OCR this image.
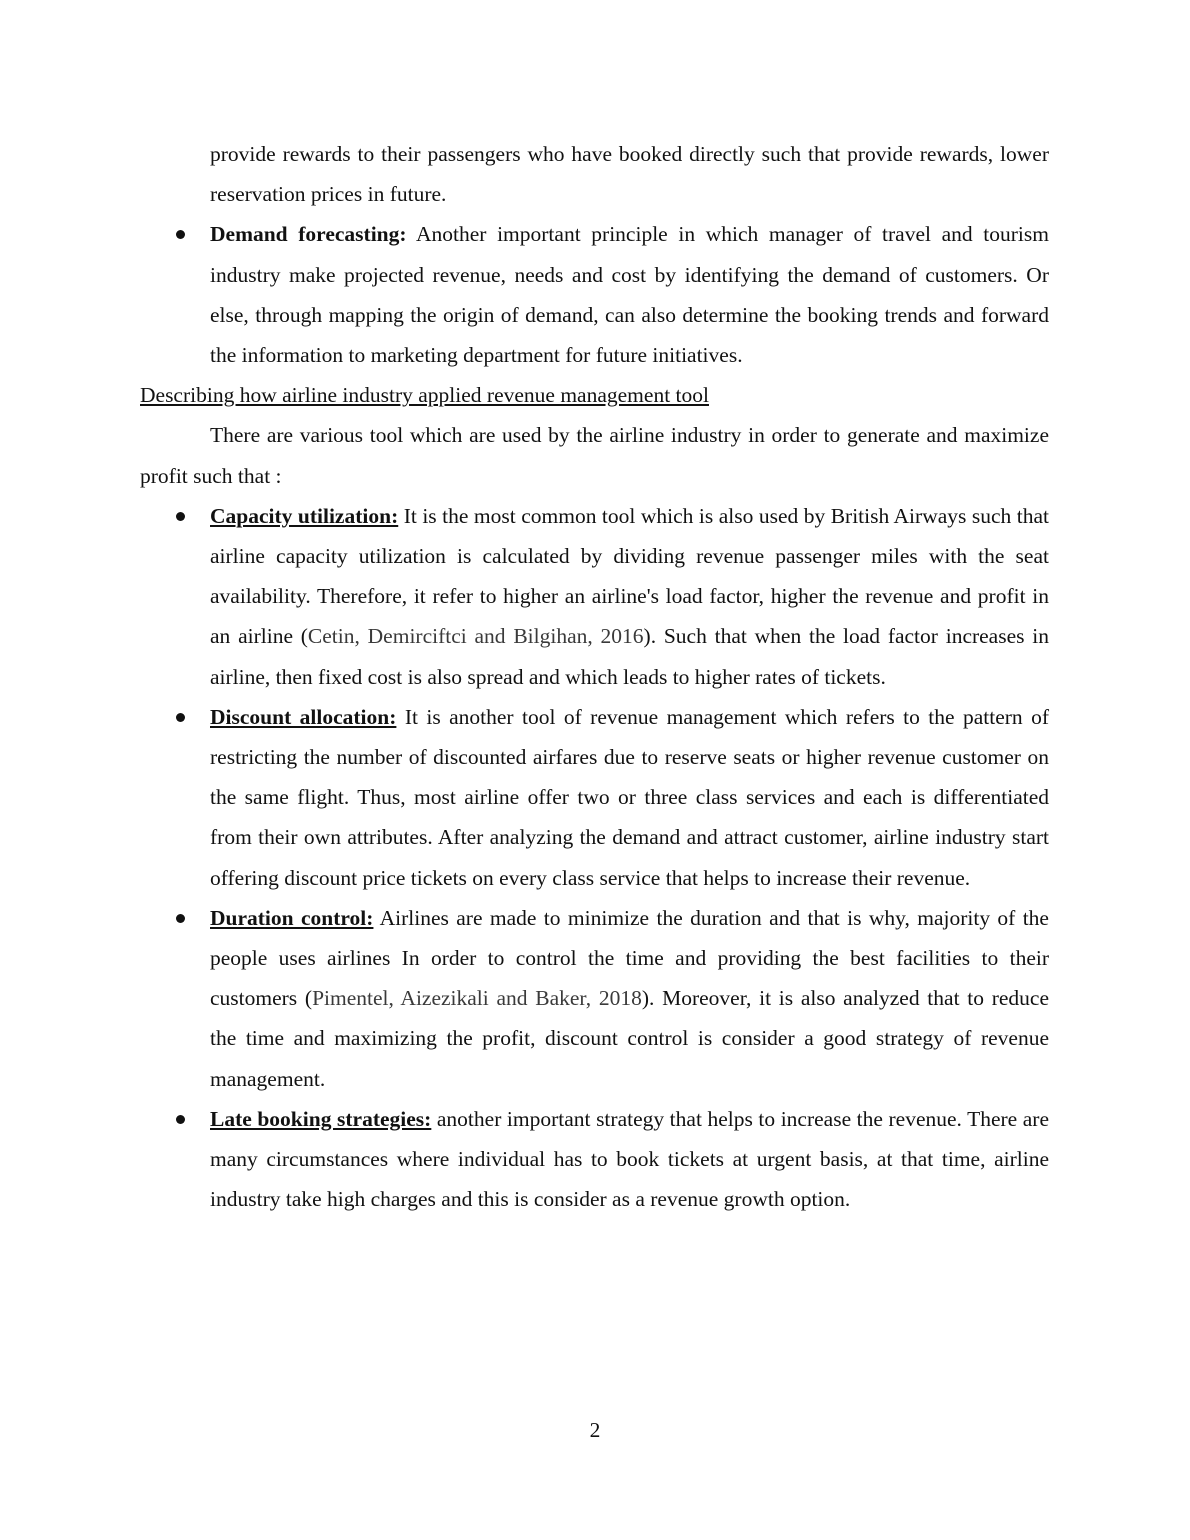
provide rewards to their passengers who have booked directly such that provide rewards, lower reservation prices in future.

Demand forecasting: Another important principle in which manager of travel and tourism industry make projected revenue, needs and cost by identifying the demand of customers. Or else, through mapping the origin of demand, can also determine the booking trends and forward the information to marketing department for future initiatives.

Describing how airline industry applied revenue management tool

There are various tool which are used by the airline industry in order to generate and maximize profit such that :

Capacity utilization: It is the most common tool which is also used by British Airways such that airline capacity utilization is calculated by dividing revenue passenger miles with the seat availability. Therefore, it refer to higher an airline's load factor, higher the revenue and profit in an airline (Cetin, Demirciftci and Bilgihan, 2016). Such that when the load factor increases in airline, then fixed cost is also spread and which leads to higher rates of tickets.
Discount allocation: It is another tool of revenue management which refers to the pattern of restricting the number of discounted airfares due to reserve seats or higher revenue customer on the same flight. Thus, most airline offer two or three class services and each is differentiated from their own attributes. After analyzing the demand and attract customer, airline industry start offering discount price tickets on every class service that helps to increase their revenue.
Duration control: Airlines are made to minimize the duration and that is why, majority of the people uses airlines In order to control the time and providing the best facilities to their customers (Pimentel, Aizezikali and Baker, 2018). Moreover, it is also analyzed that to reduce the time and maximizing the profit, discount control is consider a good strategy of revenue management.
Late booking strategies: another important strategy that helps to increase the revenue. There are many circumstances where individual has to book tickets at urgent basis, at that time, airline industry take high charges and this is consider as a revenue growth option.
2
